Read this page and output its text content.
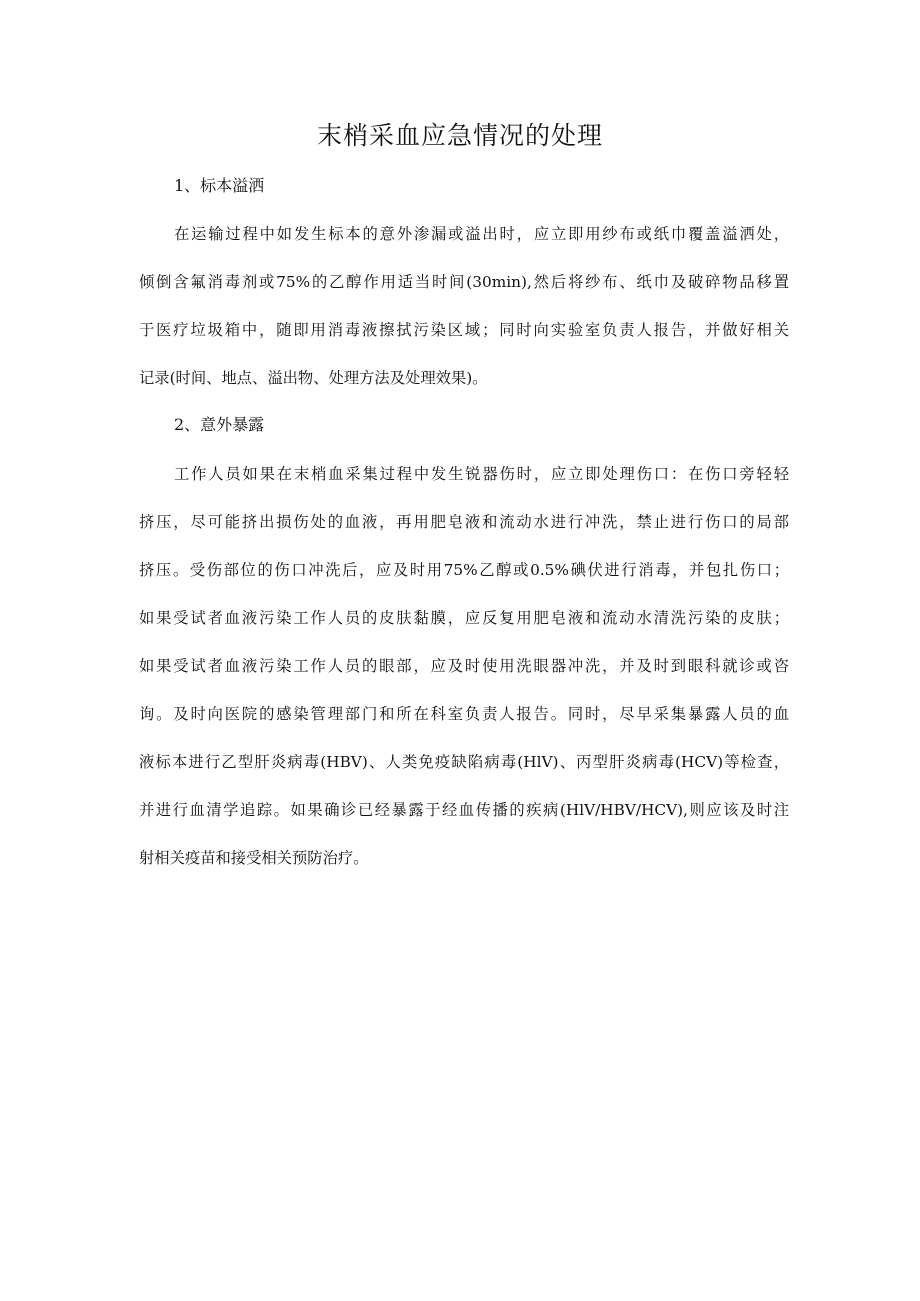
末梢采血应急情况的处理
1、标本溢洒
在运输过程中如发生标本的意外渗漏或溢出时，应立即用纱布或纸巾覆盖溢洒处，
倾倒含氟消毒剂或75%的乙醇作用适当时间(30min),然后将纱布、纸巾及破碎物品移置
于医疗垃圾箱中，随即用消毒液擦拭污染区域；同时向实验室负责人报告，并做好相关
记录(时间、地点、溢出物、处理方法及处理效果)。
2、意外暴露
工作人员如果在末梢血采集过程中发生锐器伤时，应立即处理伤口：在伤口旁轻轻
挤压，尽可能挤出损伤处的血液，再用肥皂液和流动水进行冲洗，禁止进行伤口的局部
挤压。受伤部位的伤口冲洗后，应及时用75%乙醇或0.5%碘伏进行消毒，并包扎伤口；
如果受试者血液污染工作人员的皮肤黏膜，应反复用肥皂液和流动水清洗污染的皮肤；
如果受试者血液污染工作人员的眼部，应及时使用洗眼器冲洗，并及时到眼科就诊或咨
询。及时向医院的感染管理部门和所在科室负责人报告。同时，尽早采集暴露人员的血
液标本进行乙型肝炎病毒(HBV)、人类免疫缺陷病毒(HlV)、丙型肝炎病毒(HCV)等检查，
并进行血清学追踪。如果确诊已经暴露于经血传播的疾病(HlV/HBV/HCV),则应该及时注
射相关疫苗和接受相关预防治疗。
